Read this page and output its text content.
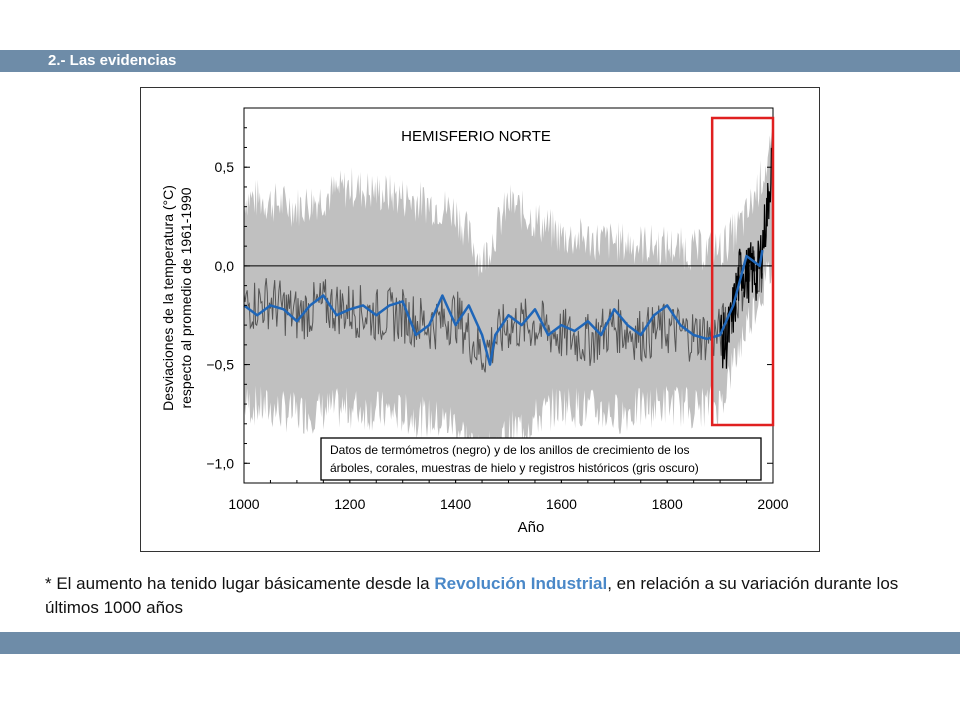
2.- Las evidencias
0,5
0,0
−0,5
−1,0
1000	1200	1400	1600	1800	2000
HEMISFERIO NORTE
Año
Desviaciones de la temperatura (°C) respecto al promedio de 1961-1990
Datos de termómetros (negro) y de los anillos de crecimiento de los
árboles, corales, muestras de hielo y registros históricos (gris oscuro)
* El aumento ha tenido lugar básicamente desde la Revolución Industrial, en relación a su variación durante los últimos 1000 años
